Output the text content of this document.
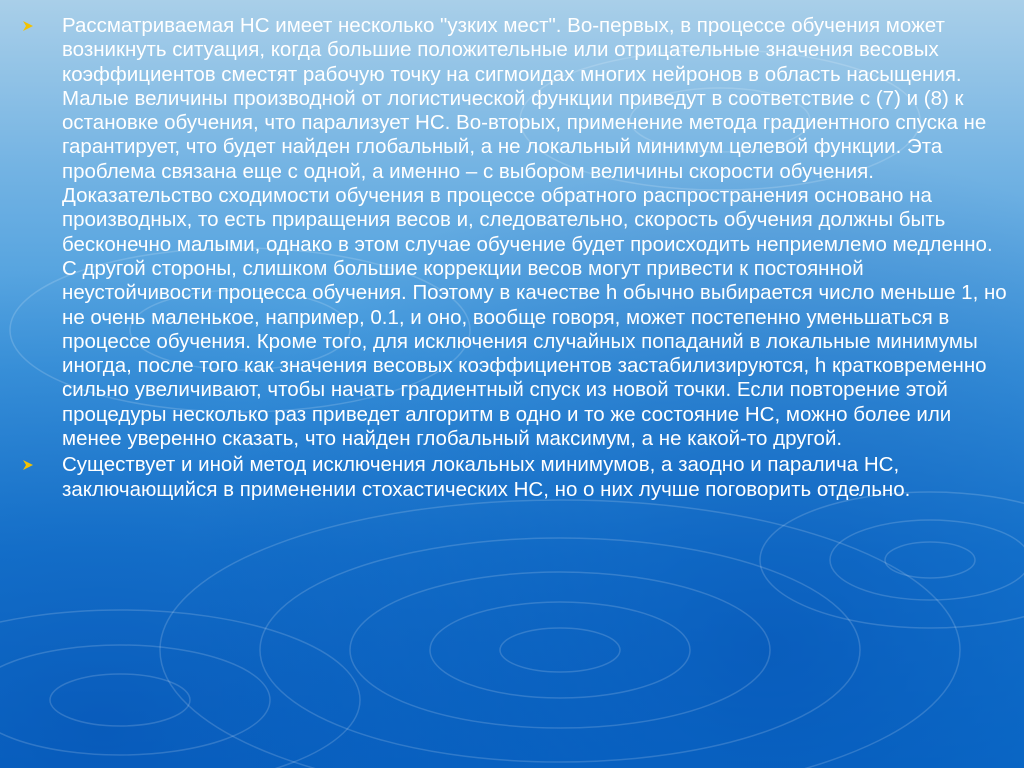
Рассматриваемая НС имеет несколько "узких мест". Во-первых, в процессе обучения может возникнуть ситуация, когда большие положительные или отрицательные значения весовых коэффициентов сместят рабочую точку на сигмоидах многих нейронов в область насыщения. Малые величины производной от логистической функции приведут в соответствие с (7) и (8) к остановке обучения, что парализует НС. Во-вторых, применение метода градиентного спуска не гарантирует, что будет найден глобальный, а не локальный минимум целевой функции. Эта проблема связана еще с одной, а именно – с выбором величины скорости обучения. Доказательство сходимости обучения в процессе обратного распространения основано на производных, то есть приращения весов и, следовательно, скорость обучения должны быть бесконечно малыми, однако в этом случае обучение будет происходить неприемлемо медленно. С другой стороны, слишком большие коррекции весов могут привести к постоянной неустойчивости процесса обучения. Поэтому в качестве h обычно выбирается число меньше 1, но не очень маленькое, например, 0.1, и оно, вообще говоря, может постепенно уменьшаться в процессе обучения. Кроме того, для исключения случайных попаданий в локальные минимумы иногда, после того как значения весовых коэффициентов застабилизируются, h кратковременно сильно увеличивают, чтобы начать градиентный спуск из новой точки. Если повторение этой процедуры несколько раз приведет алгоритм в одно и то же состояние НС, можно более или менее уверенно сказать, что найден глобальный максимум, а не какой-то другой.
Существует и иной метод исключения локальных минимумов, а заодно и паралича НС, заключающийся в применении стохастических НС, но о них лучше поговорить отдельно.
